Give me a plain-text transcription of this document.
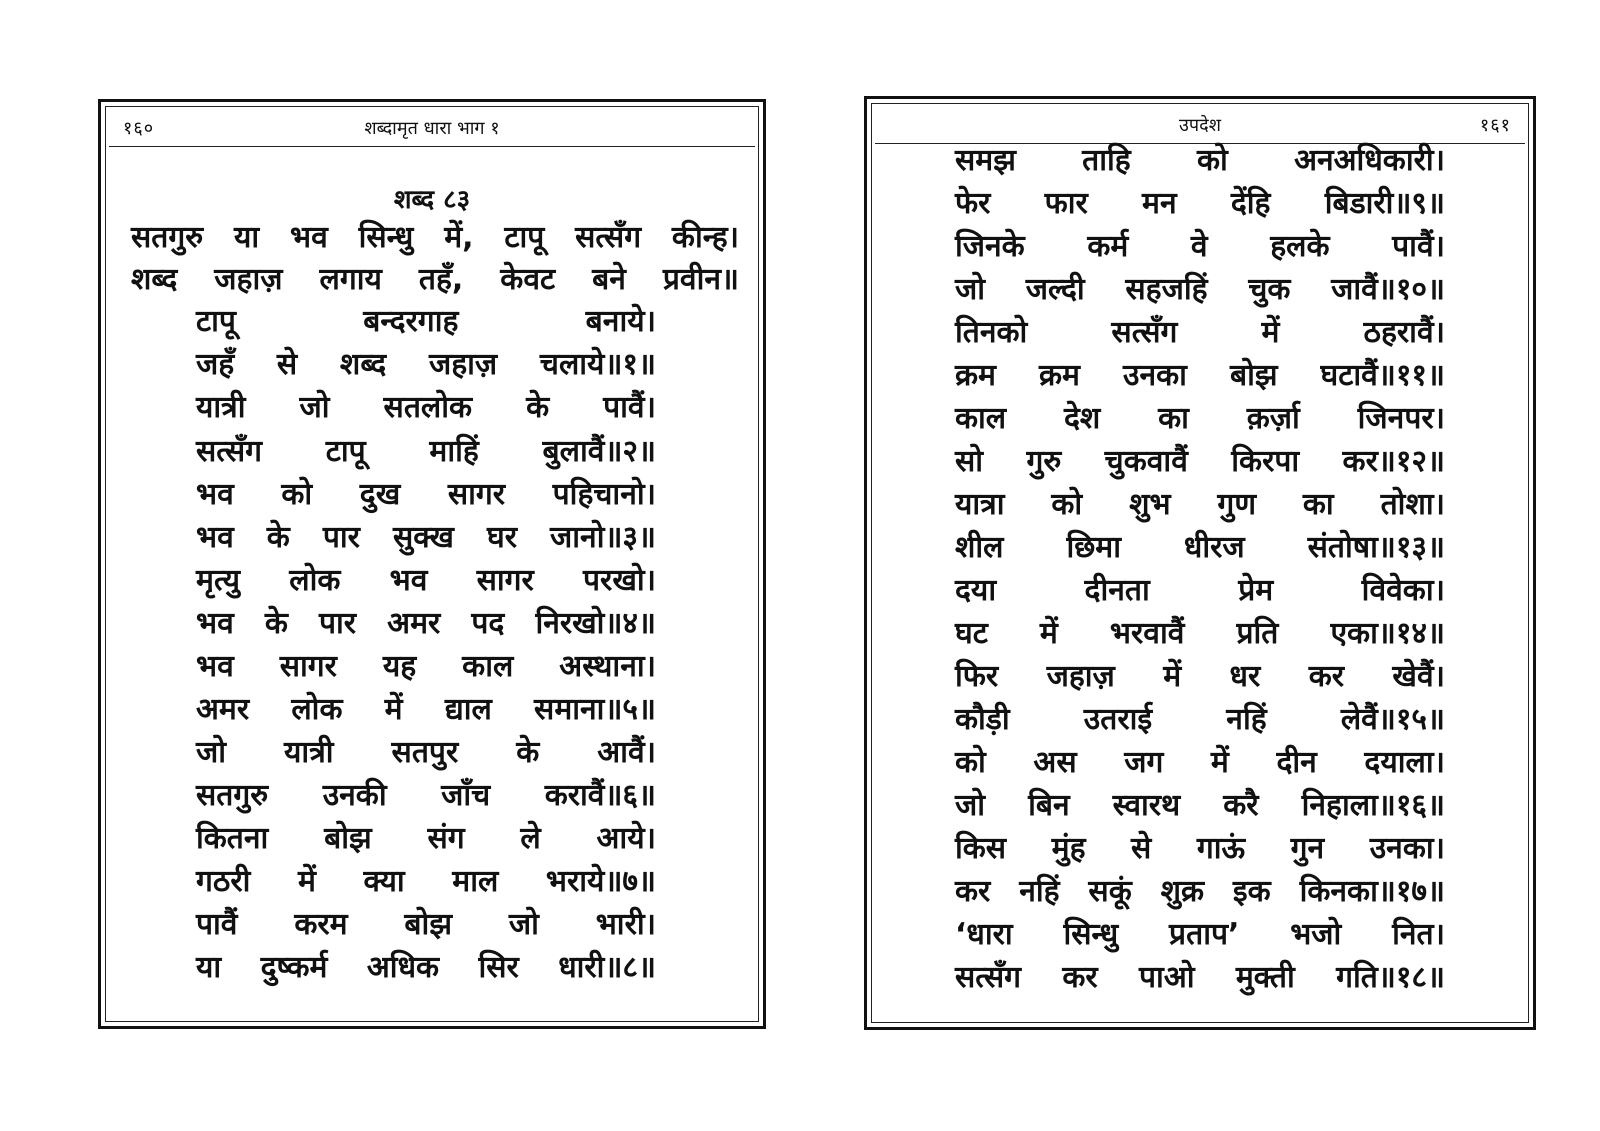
१६०	शब्दामृत धारा भाग १
शब्द ८३
सतगुरु या भव सिन्धु में, टापू सत्सँग कीन्ह।
शब्द जहाज़ लगाय तहँ, केवट बने प्रवीन॥
टापू बन्दरगाह बनाये।
जहँ से शब्द जहाज़ चलाये॥१॥
यात्री जो सतलोक के पावैं।
सत्सँग टापू माहिं बुलावैं॥२॥
भव को दुख सागर पहिचानो।
भव के पार सुक्ख घर जानो॥३॥
मृत्यु लोक भव सागर परखो।
भव के पार अमर पद निरखो॥४॥
भव सागर यह काल अस्थाना।
अमर लोक में द्याल समाना॥५॥
जो यात्री सतपुर के आवैं।
सतगुरु उनकी जाँच करावैं॥६॥
कितना बोझ संग ले आये।
गठरी में क्या माल भराये॥७॥
पावैं करम बोझ जो भारी।
या दुष्कर्म अधिक सिर धारी॥८॥
उपदेश	१६१
समझ ताहि को अनअधिकारी।
फेर फार मन देंहि बिडारी॥९॥
जिनके कर्म वे हलके पावैं।
जो जल्दी सहजहिं चुक जावैं॥१०॥
तिनको सत्सँग में ठहरावैं।
क्रम क्रम उनका बोझ घटावैं॥११॥
काल देश का क़र्ज़ा जिनपर।
सो गुरु चुकवावैं किरपा कर॥१२॥
यात्रा को शुभ गुण का तोशा।
शील छिमा धीरज संतोषा॥१३॥
दया दीनता प्रेम विवेका।
घट में भरवावैं प्रति एका॥१४॥
फिर जहाज़ में धर कर खेवैं।
कौड़ी उतराई नहिं लेवैं॥१५॥
को अस जग में दीन दयाला।
जो बिन स्वारथ करै निहाला॥१६॥
किस मुंह से गाऊं गुन उनका।
कर नहिं सकूं शुक्र इक किनका॥१७॥
‘धारा सिन्धु प्रताप’ भजो नित।
सत्सँग कर पाओ मुक्ती गति॥१८॥
